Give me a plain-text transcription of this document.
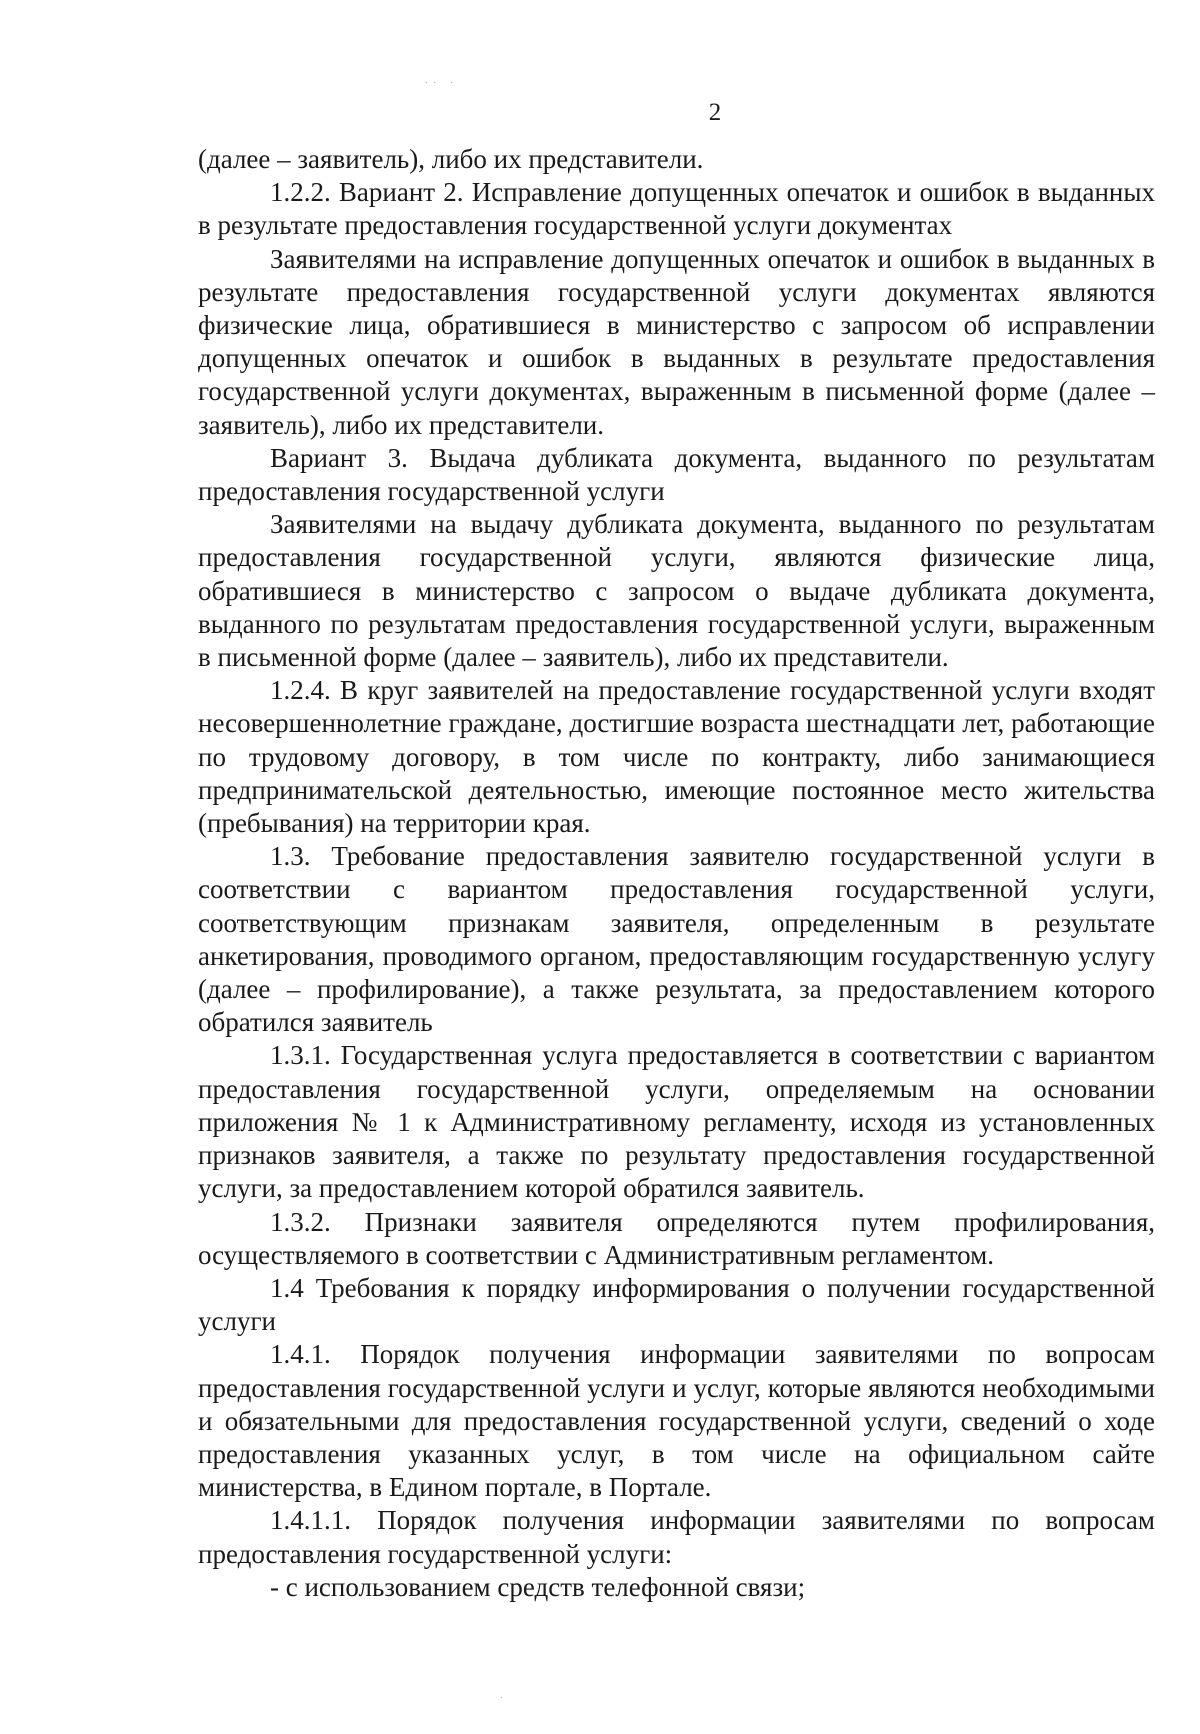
.. .
2

(далее – заявитель), либо их представители.

1.2.2. Вариант 2. Исправление допущенных опечаток и ошибок в выданных в результате предоставления государственной услуги документах

Заявителями на исправление допущенных опечаток и ошибок в выданных в результате предоставления государственной услуги документах являются физические лица, обратившиеся в министерство с запросом об исправлении допущенных опечаток и ошибок в выданных в результате предоставления государственной услуги документах, выраженным в письменной форме (далее – заявитель), либо их представители.

Вариант 3. Выдача дубликата документа, выданного по результатам предоставления государственной услуги

Заявителями на выдачу дубликата документа, выданного по результатам предоставления государственной услуги, являются физические лица, обратившиеся в министерство с запросом о выдаче дубликата документа, выданного по результатам предоставления государственной услуги, выраженным в письменной форме (далее – заявитель), либо их представители.

1.2.4. В круг заявителей на предоставление государственной услуги входят несовершеннолетние граждане, достигшие возраста шестнадцати лет, работающие по трудовому договору, в том числе по контракту, либо занимающиеся предпринимательской деятельностью, имеющие постоянное место жительства (пребывания) на территории края.

1.3. Требование предоставления заявителю государственной услуги в соответствии с вариантом предоставления государственной услуги, соответствующим признакам заявителя, определенным в результате анкетирования, проводимого органом, предоставляющим государственную услугу (далее – профилирование), а также результата, за предоставлением которого обратился заявитель

1.3.1. Государственная услуга предоставляется в соответствии с вариантом предоставления государственной услуги, определяемым на основании приложения № 1 к Административному регламенту, исходя из установленных признаков заявителя, а также по результату предоставления государственной услуги, за предоставлением которой обратился заявитель.

1.3.2. Признаки заявителя определяются путем профилирования, осуществляемого в соответствии с Административным регламентом.

1.4 Требования к порядку информирования о получении государственной услуги

1.4.1. Порядок получения информации заявителями по вопросам предоставления государственной услуги и услуг, которые являются необходимыми и обязательными для предоставления государственной услуги, сведений о ходе предоставления указанных услуг, в том числе на официальном сайте министерства, в Едином портале, в Портале.

1.4.1.1. Порядок получения информации заявителями по вопросам предоставления государственной услуги:

- с использованием средств телефонной связи;

.
